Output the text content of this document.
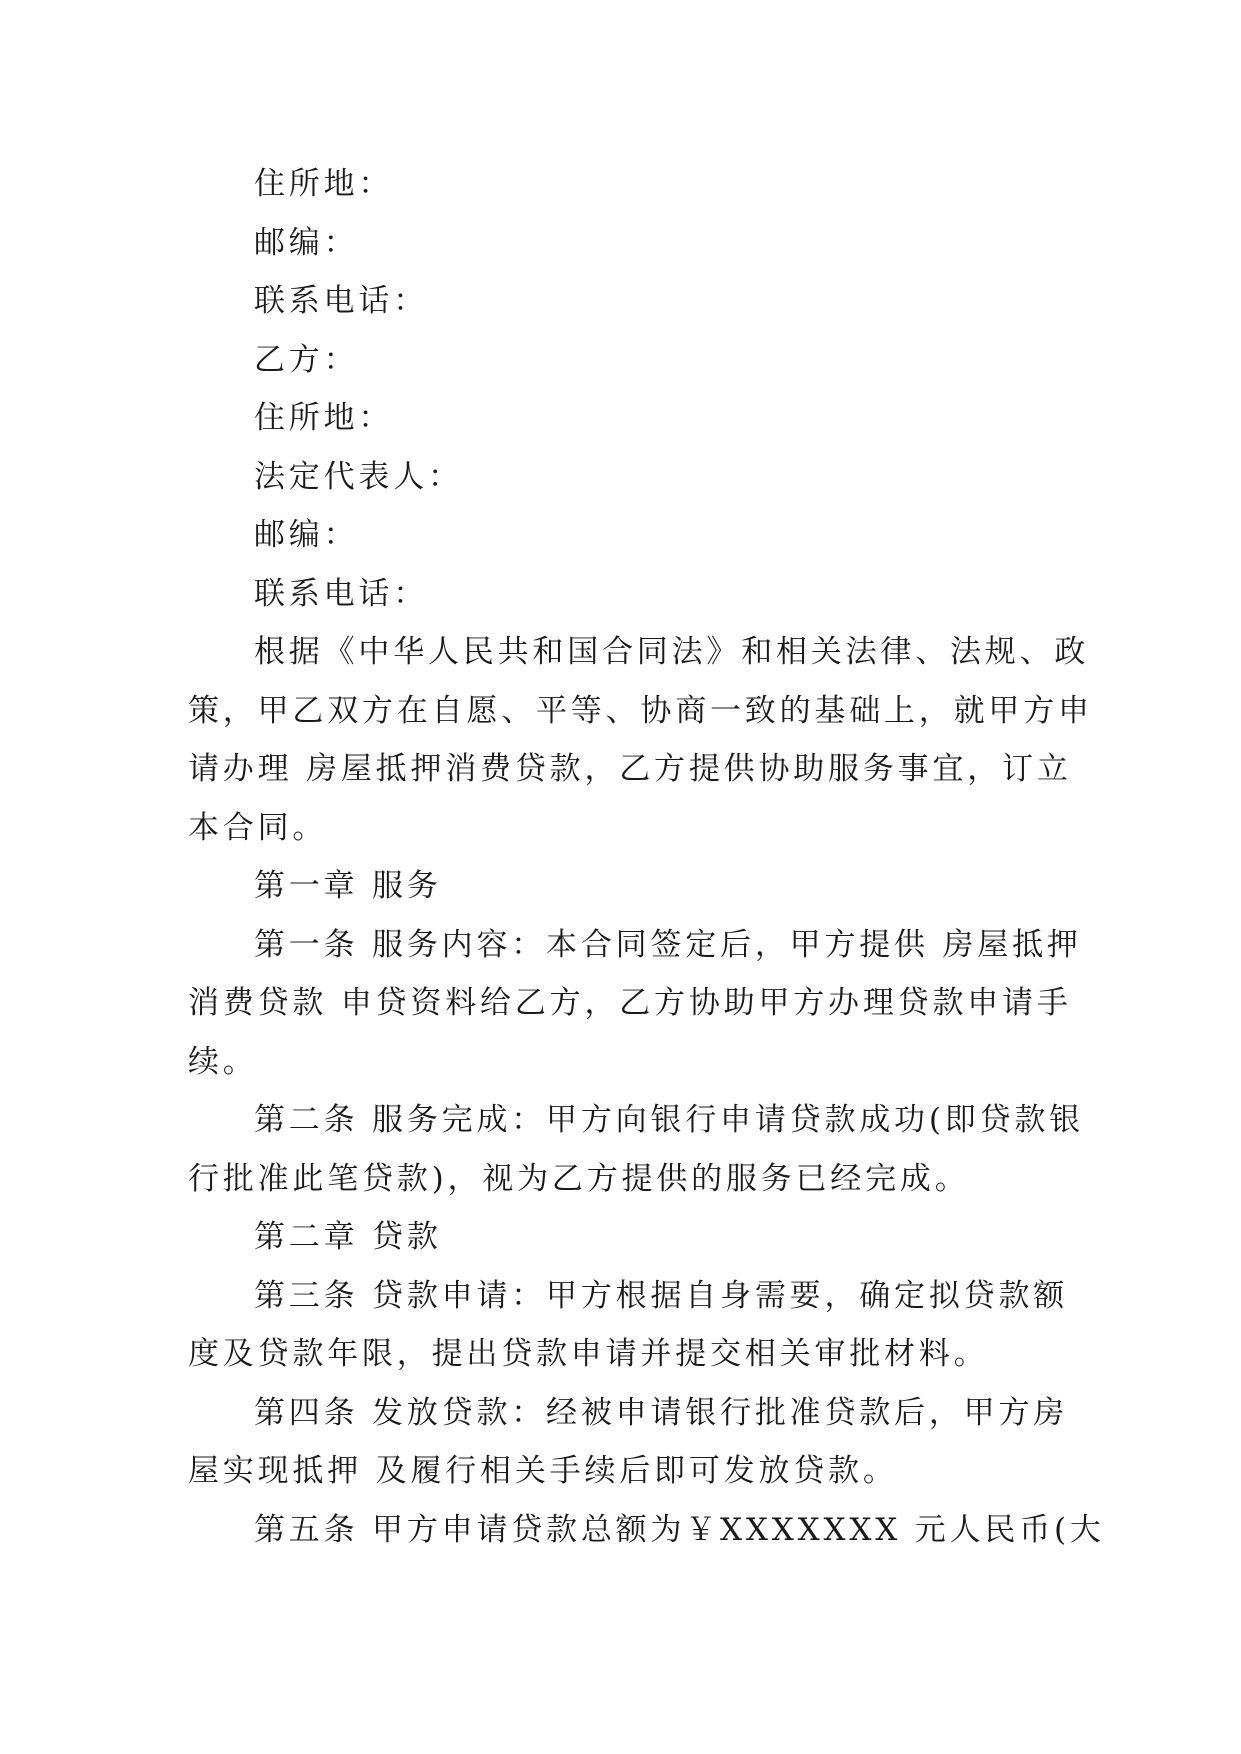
住所地：
邮编：
联系电话：
乙方：
住所地：
法定代表人：
邮编：
联系电话：
根据《中华人民共和国合同法》和相关法律、法规、政
策，甲乙双方在自愿、平等、协商一致的基础上，就甲方申
请办理 房屋抵押消费贷款，乙方提供协助服务事宜，订立
本合同。
第一章 服务
第一条 服务内容：本合同签定后，甲方提供 房屋抵押
消费贷款 申贷资料给乙方，乙方协助甲方办理贷款申请手
续。
第二条 服务完成：甲方向银行申请贷款成功(即贷款银
行批准此笔贷款)，视为乙方提供的服务已经完成。
第二章 贷款
第三条 贷款申请：甲方根据自身需要，确定拟贷款额
度及贷款年限，提出贷款申请并提交相关审批材料。
第四条 发放贷款：经被申请银行批准贷款后，甲方房
屋实现抵押 及履行相关手续后即可发放贷款。
第五条 甲方申请贷款总额为￥XXXXXXX 元人民币(大
